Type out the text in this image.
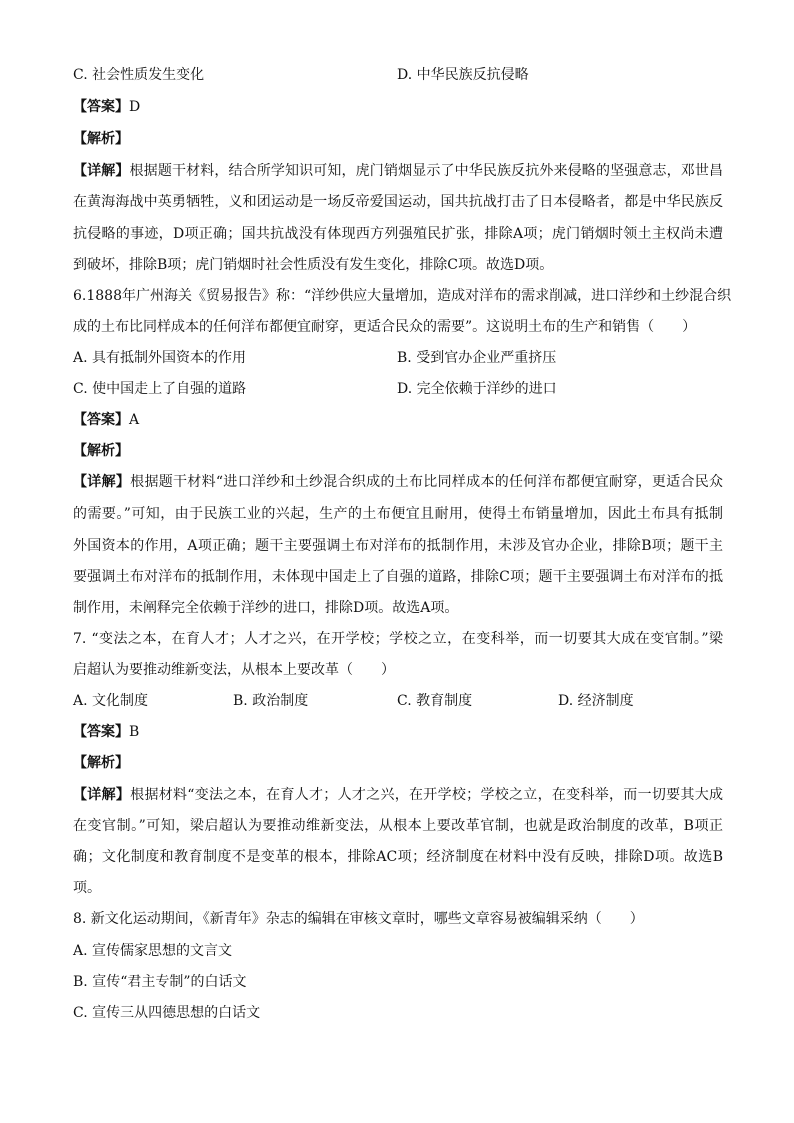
C. 社会性质发生变化	D. 中华民族反抗侵略
【答案】D
【解析】
【详解】根据题干材料，结合所学知识可知，虎门销烟显示了中华民族反抗外来侵略的坚强意志，邓世昌
在黄海海战中英勇牺牲，义和团运动是一场反帝爱国运动，国共抗战打击了日本侵略者，都是中华民族反
抗侵略的事迹，D项正确；国共抗战没有体现西方列强殖民扩张，排除A项；虎门销烟时领土主权尚未遭
到破坏，排除B项；虎门销烟时社会性质没有发生变化，排除C项。故选D项。
6.1888年广州海关《贸易报告》称：“洋纱供应大量增加，造成对洋布的需求削减，进口洋纱和土纱混合织
成的土布比同样成本的任何洋布都便宜耐穿，更适合民众的需要”。这说明土布的生产和销售（　　）
A. 具有抵制外国资本的作用	B. 受到官办企业严重挤压
C. 使中国走上了自强的道路	D. 完全依赖于洋纱的进口
【答案】A
【解析】
【详解】根据题干材料“进口洋纱和土纱混合织成的土布比同样成本的任何洋布都便宜耐穿，更适合民众
的需要。”可知，由于民族工业的兴起，生产的土布便宜且耐用，使得土布销量增加，因此土布具有抵制
外国资本的作用，A项正确；题干主要强调土布对洋布的抵制作用，未涉及官办企业，排除B项；题干主
要强调土布对洋布的抵制作用，未体现中国走上了自强的道路，排除C项；题干主要强调土布对洋布的抵
制作用，未阐释完全依赖于洋纱的进口，排除D项。故选A项。
7. “变法之本，在育人才；人才之兴，在开学校；学校之立，在变科举，而一切要其大成在变官制。”梁
启超认为要推动维新变法，从根本上要改革（　　）
A. 文化制度	B. 政治制度	C. 教育制度	D. 经济制度
【答案】B
【解析】
【详解】根据材料“变法之本，在育人才；人才之兴，在开学校；学校之立，在变科举，而一切要其大成
在变官制。”可知，梁启超认为要推动维新变法，从根本上要改革官制，也就是政治制度的改革，B项正
确；文化制度和教育制度不是变革的根本，排除AC项；经济制度在材料中没有反映，排除D项。故选B
项。
8. 新文化运动期间，《新青年》杂志的编辑在审核文章时，哪些文章容易被编辑采纳（　　）
A. 宣传儒家思想的文言文
B. 宣传“君主专制”的白话文
C. 宣传三从四德思想的白话文
